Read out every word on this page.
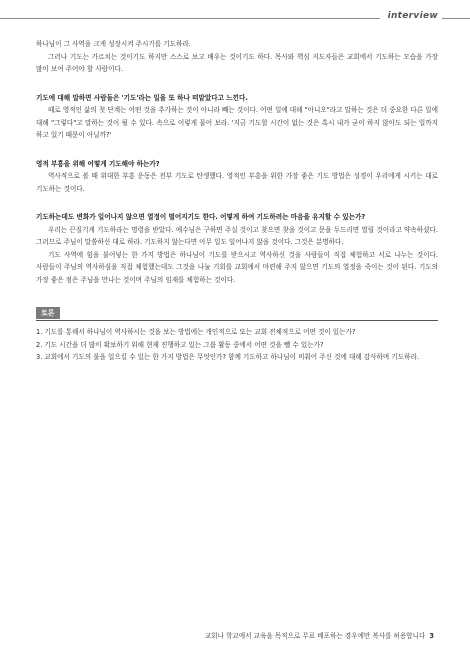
interview

하나님이 그 사역을 크게 성장시켜 주시기를 기도하라.

그러나 기도는 가르치는 것이기도 하지만 스스로 보고 배우는 것이기도 하다. 목사와 핵심 지도자들은 교회에서 기도하는 모습을 가장 많이 보여 주어야 할 사람이다.

기도에 대해 말하면 사람들은 '기도'라는 일을 또 하나 떠맡았다고 느낀다.

때로 영적인 삶의 첫 단계는 어떤 것을 추가하는 것이 아니라 빼는 것이다. 어떤 일에 대해 "아니오"라고 말하는 것은 더 중요한 다른 일에 대해 "그렇다"고 말하는 것이 될 수 있다. 속으로 이렇게 물어 보라. '지금 기도할 시간이 없는 것은 혹시 내가 굳이 하지 않아도 되는 일까지 하고 있기 때문이 아닐까?'

영적 부흥을 위해 어떻게 기도해야 하는가?

역사적으로 볼 때 위대한 부흥 운동은 전부 기도로 탄생했다. 영적인 부흥을 위한 가장 좋은 기도 방법은 성경이 우리에게 시키는 대로 기도하는 것이다.

기도하는데도 변화가 일어나지 않으면 열정이 떨어지기도 한다. 어떻게 하여 기도하려는 마음을 유지할 수 있는가?

우리는 끈질기게 기도하라는 명령을 받았다. 예수님은 구하면 주실 것이고 찾으면 찾을 것이고 문을 두드리면 열릴 것이라고 약속하셨다. 그러므로 주님이 말씀하신 대로 하라. 기도하지 않는다면 아무 일도 일어나지 않을 것이다. 그것은 분명하다.

기도 사역에 힘을 불어넣는 한 가지 방법은 하나님이 기도를 받으시고 역사하신 것을 사람들이 직접 체험하고 서로 나누는 것이다. 사람들이 주님의 역사하심을 직접 체험했는데도 그것을 나눌 기회를 교회에서 마련해 주지 않으면 기도의 열정을 죽이는 것이 된다. 기도의 가장 좋은 점은 주님을 만나는 것이며 주님의 임재를 체험하는 것이다.

토론
1. 기도를 통해서 하나님이 역사하시는 것을 보는 방법에는 개인적으로 또는 교회 전체적으로 어떤 것이 있는가?
2. 기도 시간을 더 많이 확보하기 위해 현재 진행하고 있는 그룹 활동 중에서 어떤 것을 뺄 수 있는가?
3. 교회에서 기도의 불을 일으킬 수 있는 한 가지 방법은 무엇인가? 함께 기도하고 하나님이 비춰어 주신 것에 대해 감사하며 기도하라.
교회나 학교에서 교육을 목적으로 무료 배포하는 경우에만 복사를 허용합니다 3
